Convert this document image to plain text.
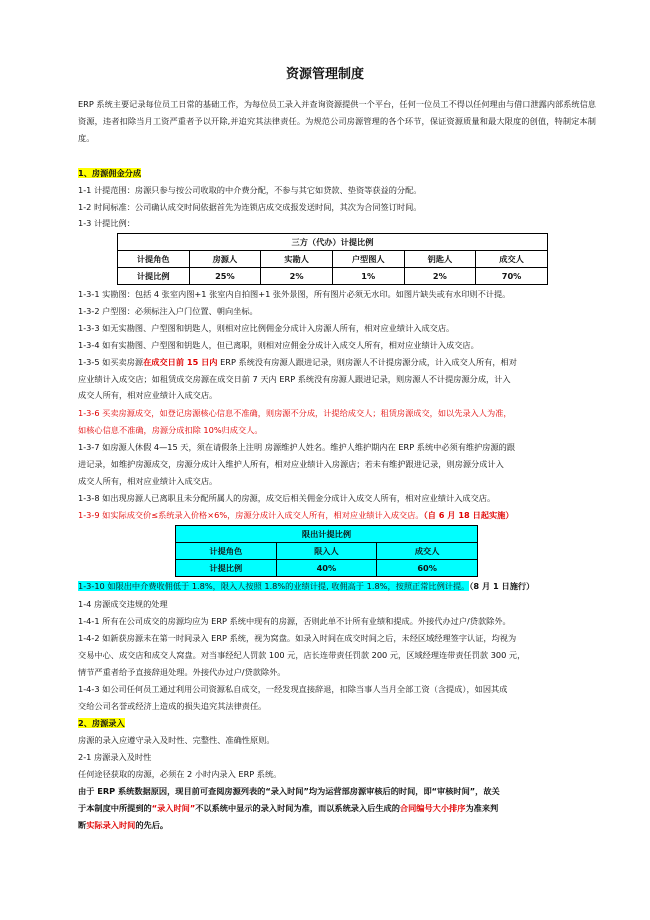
资源管理制度
ERP 系统主要记录每位员工日常的基础工作，为每位员工录入并查询资源提供一个平台，任何一位员工不得以任何理由与借口泄露内部系统信息资源，违者扣除当月工资严重者予以开除,并追究其法律责任。为规范公司房源管理的各个环节，保证资源质量和最大限度的创值，特制定本制度。
1、房源佣金分成
1-1 计提范围：房源只参与按公司收取的中介费分配，不参与其它如贷款、垫资等获益的分配。
1-2 时间标准：公司确认成交时间依据首先为连锁店成交成报发送时间，其次为合同签订时间。
1-3 计提比例：
三方（代办）计提比例					
计提角色	房源人	实勘人	户型图人	钥匙人	成交人
计提比例	25%	2%	1%	2%	70%
1-3-1 实勘图：包括 4 张室内图+1 张室内自拍图+1 张外景图，所有图片必须无水印。如图片缺失或有水印则不计提。
1-3-2 户型图：必须标注入户门位置、朝向坐标。
1-3-3 如无实勘图、户型图和钥匙人，则相对应比例佣金分成计入房源人所有，相对应业绩计入成交店。
1-3-4 如有实勘图、户型图和钥匙人，但已离职，则相对应佣金分成计入成交人所有，相对应业绩计入成交店。
1-3-5 如买卖房源在成交日前 15 日内 ERP 系统没有房源人跟进记录，则房源人不计提房源分成，计入成交人所有，相对
应业绩计入成交店；如租赁成交房源在成交日前 7 天内 ERP 系统没有房源人跟进记录，则房源人不计提房源分成，计入
成交人所有，相对应业绩计入成交店。
1-3-6 买卖房源成交，如登记房源核心信息不准确，则房源不分成，计提给成交人；租赁房源成交，如以先录入人为准，
如核心信息不准确，房源分成扣除 10%归成交人。
1-3-7 如房源人休假 4—15 天，须在请假条上注明 房源维护人姓名。维护人维护期内在 ERP 系统中必须有维护房源的跟
进记录，如维护房源成交，房源分成计入维护人所有，相对应业绩计入房源店；若未有维护跟进记录，则房源分成计入
成交人所有，相对应业绩计入成交店。
1-3-8 如出现房源人已离职且未分配所属人的房源，成交后相关佣金分成计入成交人所有，相对应业绩计入成交店。
1-3-9 如实际成交价≤系统录入价格×6%，房源分成计入成交人所有，相对应业绩计入成交店。（自 6 月 18 日起实施）
限出计提比例		
计提角色	限入人	成交人
计提比例	40%	60%
1-3-10 如限出中介费收佣低于 1.8%，限入人按照 1.8%的业绩计提, 收佣高于 1.8%，按照正常比例计提。（8 月 1 日施行）
1-4 房源成交违规的处理
1-4-1 所有在公司成交的房源均应为 ERP 系统中现有的房源，否则此单不计所有业绩和提成。外接代办过户/贷款除外。
1-4-2 如新获房源未在第一时间录入 ERP 系统，视为窝盘。如录入时间在成交时间之后，未经区域经理签字认证，均视为
交易中心、成交店和成交人窝盘。对当事经纪人罚款 100 元，店长连带责任罚款 200 元，区域经理连带责任罚款 300 元，
情节严重者给予直接辞退处理。外接代办过户/贷款除外。
1-4-3 如公司任何员工通过利用公司资源私自成交，一经发现直接辞退，扣除当事人当月全部工资（含提成），如因其成
交给公司名誉或经济上造成的损失追究其法律责任。
2、房源录入
房源的录入应遵守录入及时性、完整性、准确性原则。
2-1 房源录入及时性
任何途径获取的房源，必须在 2 小时内录入 ERP 系统。
由于 ERP 系统数据原因，现目前可查阅房源列表的“录入时间”均为运营部房源审核后的时间，即“审核时间”，故关
于本制度中所提到的“录入时间”不以系统中显示的录入时间为准，而以系统录入后生成的合同编号大小排序为准来判
断实际录入时间的先后。
